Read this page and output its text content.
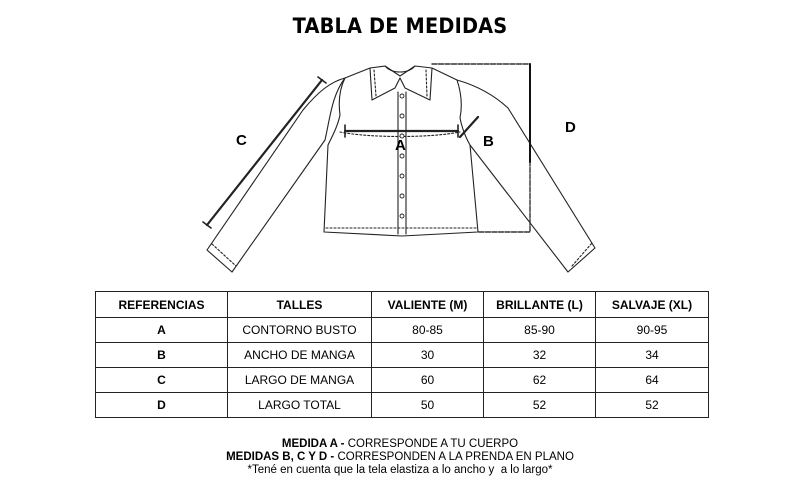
TABLA DE MEDIDAS
A	B
C
D
REFERENCIAS	TALLES	VALIENTE (M)	BRILLANTE (L)	SALVAJE (XL)
A	CONTORNO BUSTO	80-85	85-90	90-95
B	ANCHO DE MANGA	30	32	34
C	LARGO DE MANGA	60	62	64
D	LARGO TOTAL	50	52	52
MEDIDA A - CORRESPONDE A TU CUERPO
MEDIDAS B, C Y D - CORRESPONDEN A LA PRENDA EN PLANO
*Tené en cuenta que la tela elastiza a lo ancho y  a lo largo*
